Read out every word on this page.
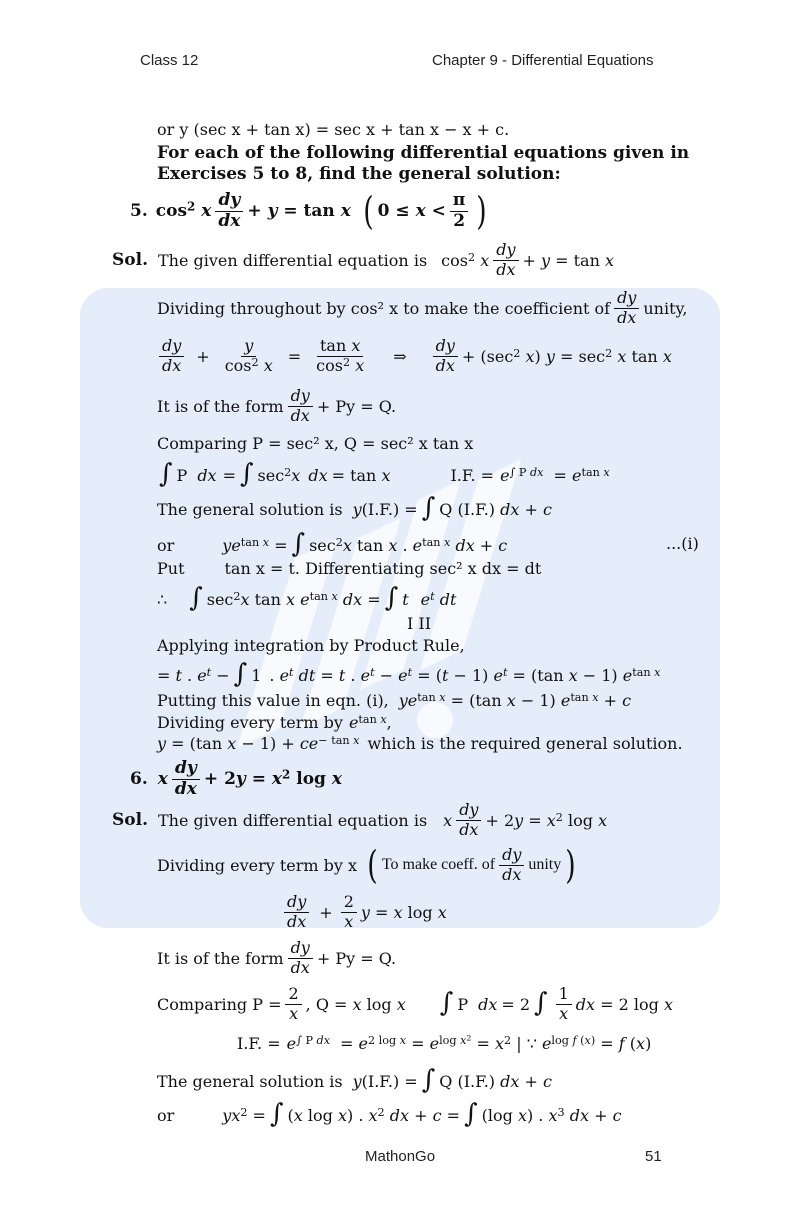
Class 12	Chapter 9 - Differential Equations
or y (sec x + tan x) = sec x + tan x − x + c.
For each of the following differential equations given in
Exercises 5 to 8, find the general solution:
5. $\cos^2 x \frac{dy}{dx} + y = \tan x$ ( $0 \le x < \frac{\pi}{2}$ )
Sol. The given differential equation is $\cos^2 x \frac{dy}{dx} + y = \tan x$
Dividing throughout by cos² x to make the coefficient of $\frac{dy}{dx}$ unity,
$\frac{dy}{dx} + \frac{y}{\cos^2 x} = \frac{\text{tan x}}{\cos^2 x}$ ⇒ $\frac{dy}{dx} + (\sec^2$ x) $y = \sec^2 x$ tan x
It is of the form $\frac{dy}{dx} + Py = Q$.
Comparing P = sec² x, Q = sec² x tan x
∫ P dx = ∫ $\sec^2x$ dx = tan x	I.F. = $e^{\int P dx} = e^{tan x}$
The general solution is y(I.F.) = ∫ Q (I.F.) dx + c
or	$ye^{tan x}$ = ∫ $\sec^2x$ tan x . $e^{tan x}$ dx + c	...(i)
Put	tan x = t. Differentiating sec² x dx = dt
∴ ∫ $\sec^2x$ tan x $e^{tan x}$ dx = ∫ t $e^t$ dt
I II
Applying integration by Product Rule,
= t . $e^t$ − ∫ 1 . $e^t$ dt = t . $e^t - e^t = (t - 1) e^t = (\tan$ x − 1) $e^{tan x}$
Putting this value in eqn. (i), $ye^{tan x} = (\tan$ x − 1) $e^{tan x} + c$
Dividing every term by $e^{tan x}$,
y = (tan $x - 1) + ce^{- tan x}$ which is the required general solution.
6. x $\frac{dy}{dx} + 2y = x^2$ log x
Sol. The given differential equation is x $\frac{dy}{dx} + 2y = x^2$ log x
Dividing every term by x ( To make coeff. of $\frac{dy}{dx}$ unity )
$\frac{dy}{dx} + \frac{2}{x}$ y = x log x
It is of the form $\frac{dy}{dx} + Py = Q$.
Comparing $P = \frac{2}{x}$ , Q = x log x ∫ P dx = 2 ∫ $\frac{1}{x}$ dx = 2 log x
I.F. = $e^{\int P dx} = e^{2 log x} = e^{log x^2} = x^2$ | ∵ $e^{log f (x)} = f$ (x)
The general solution is y(I.F.) = ∫ Q (I.F.) dx + c
or	$yx^2$ = ∫ (x log x) . $x^2$ dx + c = ∫ (log x) . $x^3$ dx + c
MathonGo	51
